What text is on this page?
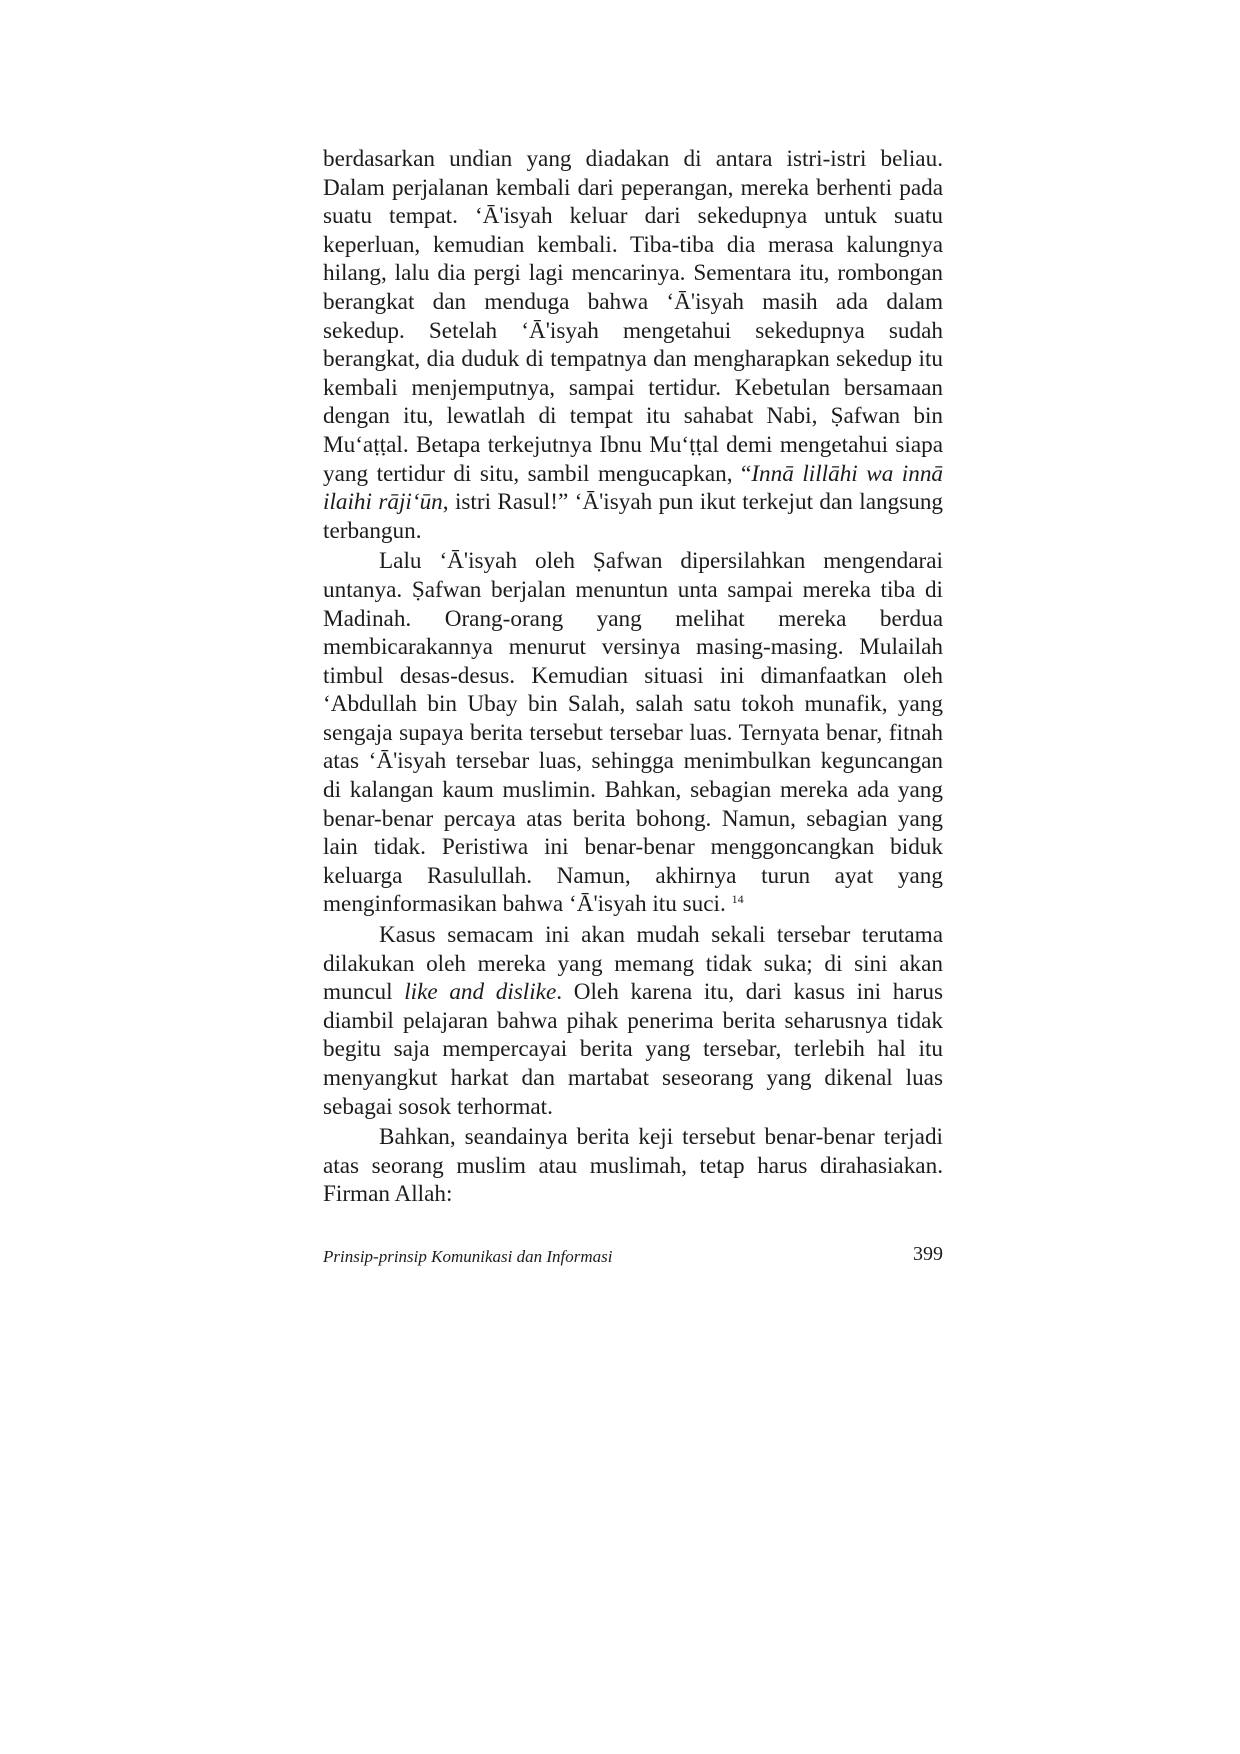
berdasarkan undian yang diadakan di antara istri-istri beliau. Dalam perjalanan kembali dari peperangan, mereka berhenti pada suatu tempat. ‘Ā'isyah keluar dari sekedupnya untuk suatu keperluan, kemudian kembali. Tiba-tiba dia merasa kalungnya hilang, lalu dia pergi lagi mencarinya. Sementara itu, rombongan berangkat dan menduga bahwa ‘Ā'isyah masih ada dalam sekedup. Setelah ‘Ā'isyah mengetahui sekedupnya sudah berangkat, dia duduk di tempatnya dan mengharapkan sekedup itu kembali menjemputnya, sampai tertidur. Kebetulan bersamaan dengan itu, lewatlah di tempat itu sahabat Nabi, Ṣafwan bin Mu‘aṭṭal. Betapa terkejutnya Ibnu Mu‘ṭṭal demi mengetahui siapa yang tertidur di situ, sambil mengucapkan, “Innā lillāhi wa innā ilaihi rāji‘ūn, istri Rasul!” ‘Ā'isyah pun ikut terkejut dan langsung terbangun.

Lalu ‘Ā'isyah oleh Ṣafwan dipersilahkan mengendarai untanya. Ṣafwan berjalan menuntun unta sampai mereka tiba di Madinah. Orang-orang yang melihat mereka berdua membicarakannya menurut versinya masing-masing. Mulailah timbul desas-desus. Kemudian situasi ini dimanfaatkan oleh ‘Abdullah bin Ubay bin Salah, salah satu tokoh munafik, yang sengaja supaya berita tersebut tersebar luas. Ternyata benar, fitnah atas ‘Ā'isyah tersebar luas, sehingga menimbulkan keguncangan di kalangan kaum muslimin. Bahkan, sebagian mereka ada yang benar-benar percaya atas berita bohong. Namun, sebagian yang lain tidak. Peristiwa ini benar-benar menggoncangkan biduk keluarga Rasulullah. Namun, akhirnya turun ayat yang menginformasikan bahwa ‘Ā'isyah itu suci. $^{14}$

Kasus semacam ini akan mudah sekali tersebar terutama dilakukan oleh mereka yang memang tidak suka; di sini akan muncul like and dislike. Oleh karena itu, dari kasus ini harus diambil pelajaran bahwa pihak penerima berita seharusnya tidak begitu saja mempercayai berita yang tersebar, terlebih hal itu menyangkut harkat dan martabat seseorang yang dikenal luas sebagai sosok terhormat.

Bahkan, seandainya berita keji tersebut benar-benar terjadi atas seorang muslim atau muslimah, tetap harus dirahasiakan. Firman Allah:

Prinsip-prinsip Komunikasi dan Informasi	399
